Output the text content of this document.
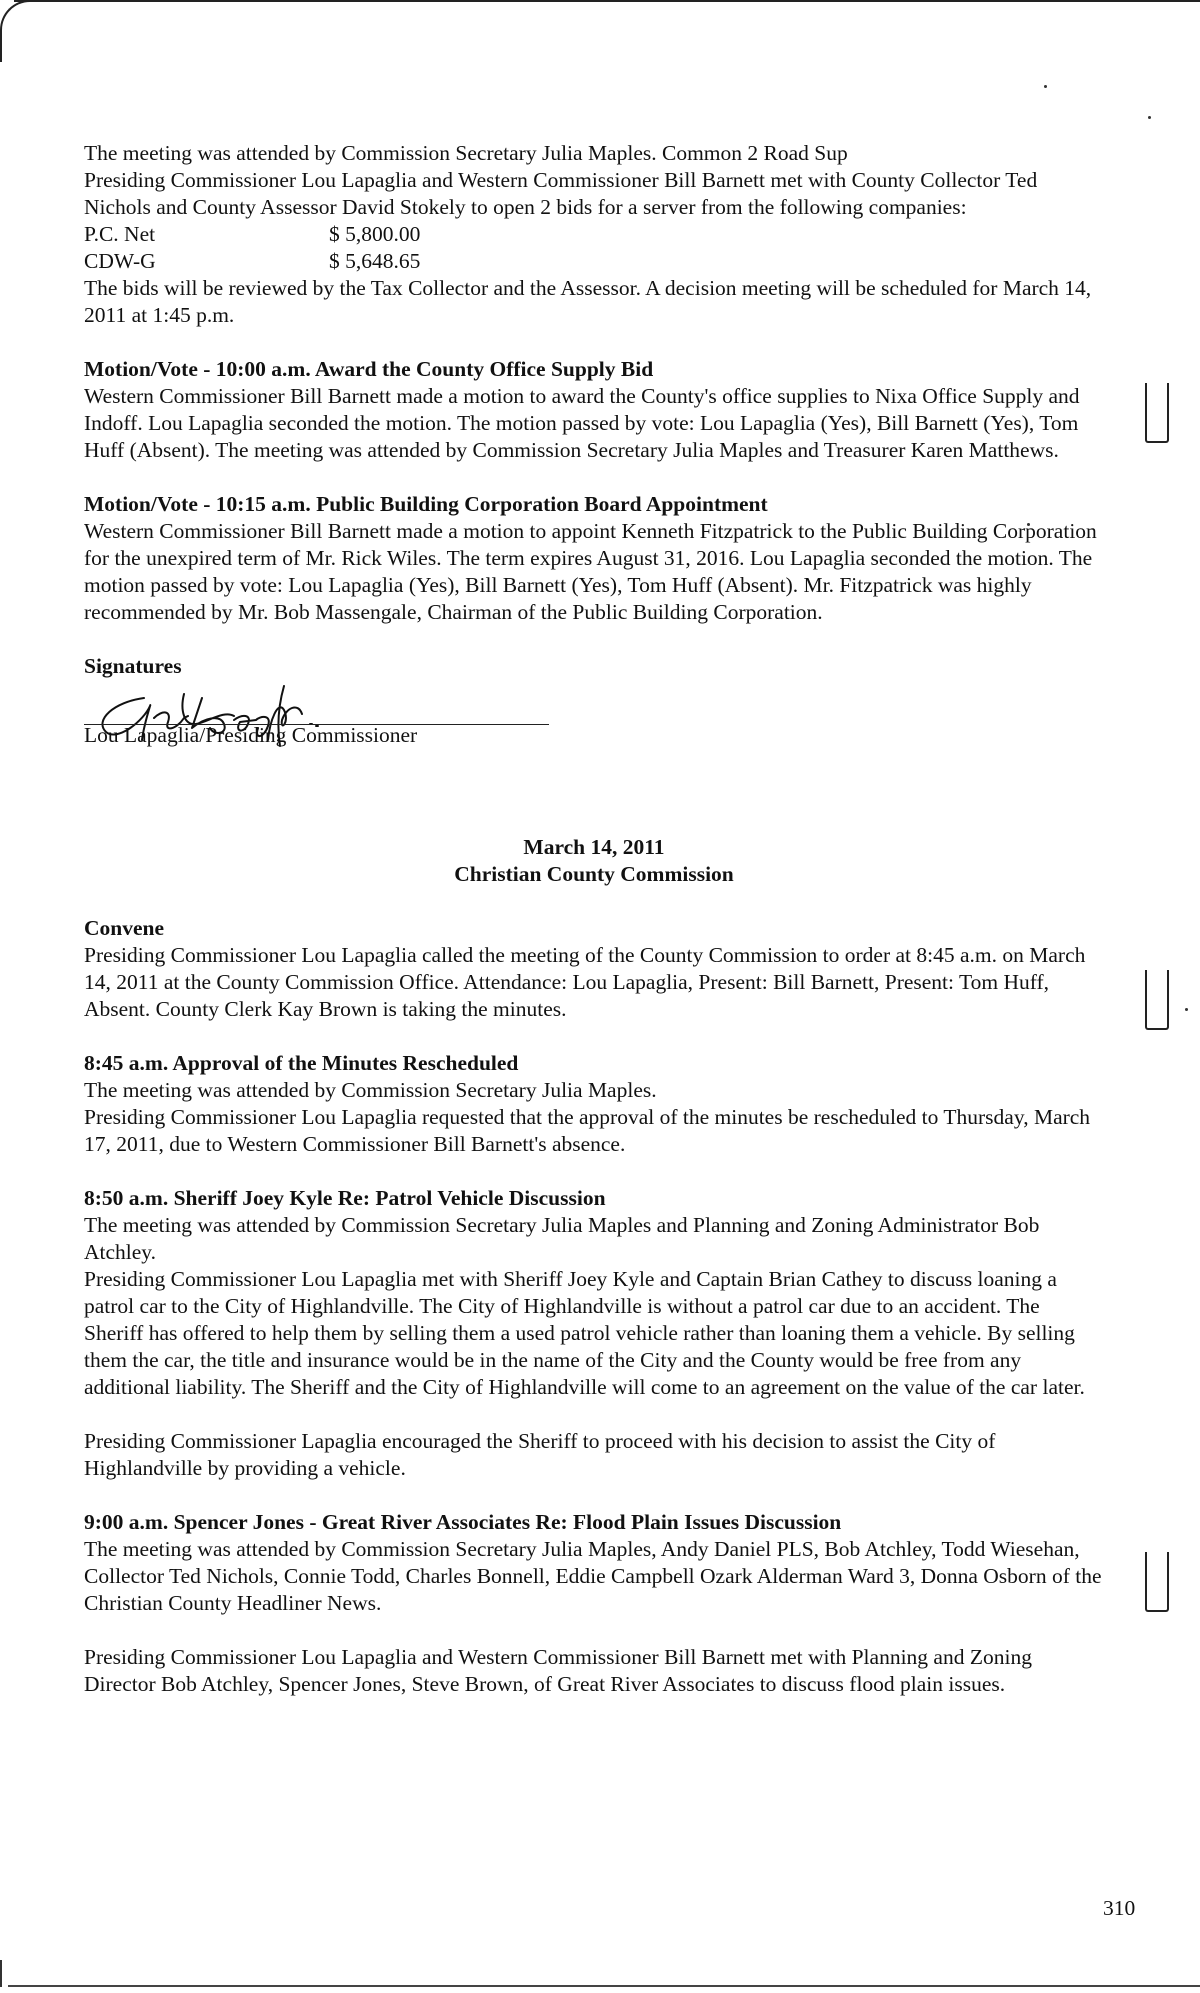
The meeting was attended by Commission Secretary Julia Maples. Common 2 Road Sup

Presiding Commissioner Lou Lapaglia and Western Commissioner Bill Barnett met with County Collector Ted Nichols and County Assessor David Stokely to open 2 bids for a server from the following companies:

P.C. Net	$ 5,800.00
CDW-G	$ 5,648.65

The bids will be reviewed by the Tax Collector and the Assessor. A decision meeting will be scheduled for March 14, 2011 at 1:45 p.m.

Motion/Vote - 10:00 a.m. Award the County Office Supply Bid

Western Commissioner Bill Barnett made a motion to award the County's office supplies to Nixa Office Supply and Indoff. Lou Lapaglia seconded the motion. The motion passed by vote: Lou Lapaglia (Yes), Bill Barnett (Yes), Tom Huff (Absent). The meeting was attended by Commission Secretary Julia Maples and Treasurer Karen Matthews.

Motion/Vote - 10:15 a.m. Public Building Corporation Board Appointment

Western Commissioner Bill Barnett made a motion to appoint Kenneth Fitzpatrick to the Public Building Corporation for the unexpired term of Mr. Rick Wiles. The term expires August 31, 2016. Lou Lapaglia seconded the motion. The motion passed by vote: Lou Lapaglia (Yes), Bill Barnett (Yes), Tom Huff (Absent). Mr. Fitzpatrick was highly recommended by Mr. Bob Massengale, Chairman of the Public Building Corporation.

Signatures

Lou Lapaglia/Presiding Commissioner

March 14, 2011

Christian County Commission

Convene

Presiding Commissioner Lou Lapaglia called the meeting of the County Commission to order at 8:45 a.m. on March 14, 2011 at the County Commission Office. Attendance: Lou Lapaglia, Present: Bill Barnett, Present: Tom Huff, Absent. County Clerk Kay Brown is taking the minutes.

8:45 a.m. Approval of the Minutes Rescheduled

The meeting was attended by Commission Secretary Julia Maples.

Presiding Commissioner Lou Lapaglia requested that the approval of the minutes be rescheduled to Thursday, March 17, 2011, due to Western Commissioner Bill Barnett's absence.

8:50 a.m. Sheriff Joey Kyle Re: Patrol Vehicle Discussion

The meeting was attended by Commission Secretary Julia Maples and Planning and Zoning Administrator Bob Atchley.

Presiding Commissioner Lou Lapaglia met with Sheriff Joey Kyle and Captain Brian Cathey to discuss loaning a patrol car to the City of Highlandville. The City of Highlandville is without a patrol car due to an accident. The Sheriff has offered to help them by selling them a used patrol vehicle rather than loaning them a vehicle. By selling them the car, the title and insurance would be in the name of the City and the County would be free from any additional liability. The Sheriff and the City of Highlandville will come to an agreement on the value of the car later.

Presiding Commissioner Lapaglia encouraged the Sheriff to proceed with his decision to assist the City of Highlandville by providing a vehicle.

9:00 a.m. Spencer Jones - Great River Associates Re: Flood Plain Issues Discussion

The meeting was attended by Commission Secretary Julia Maples, Andy Daniel PLS, Bob Atchley, Todd Wiesehan, Collector Ted Nichols, Connie Todd, Charles Bonnell, Eddie Campbell Ozark Alderman Ward 3, Donna Osborn of the Christian County Headliner News.

Presiding Commissioner Lou Lapaglia and Western Commissioner Bill Barnett met with Planning and Zoning Director Bob Atchley, Spencer Jones, Steve Brown, of Great River Associates to discuss flood plain issues.

310
